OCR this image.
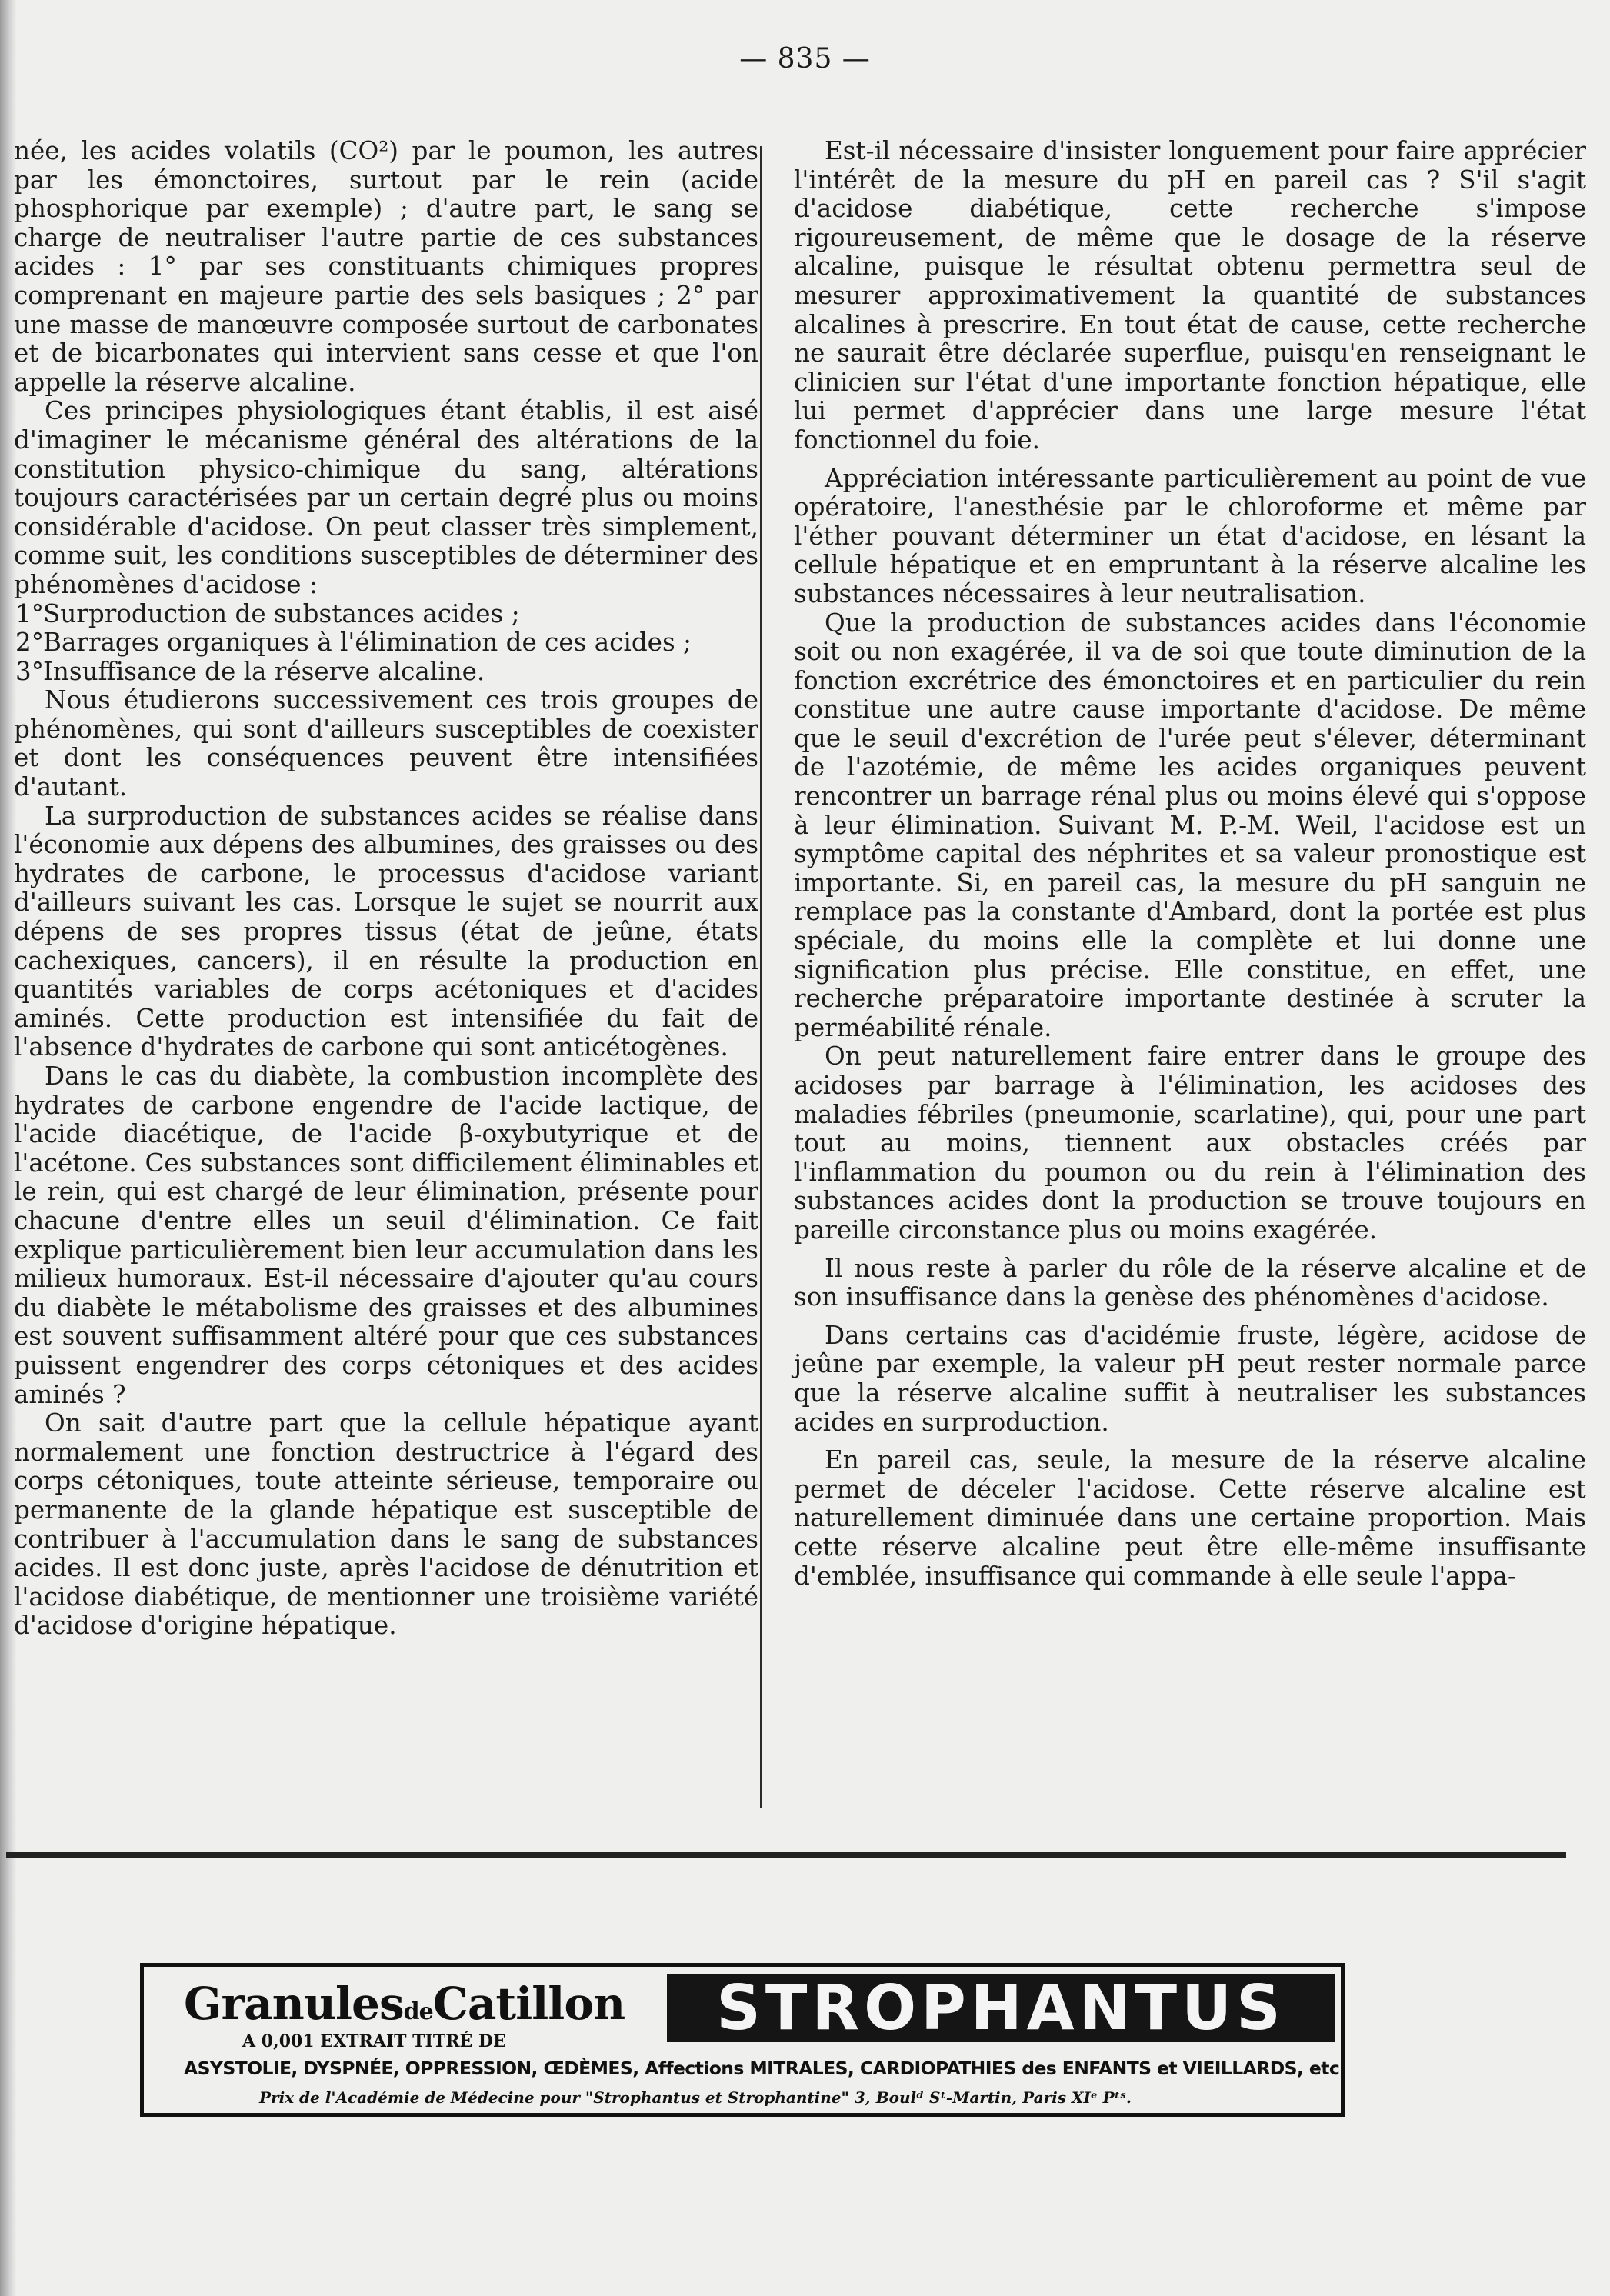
— 835 —

née, les acides volatils (CO²) par le poumon, les autres par les émonctoires, surtout par le rein (acide phosphorique par exemple) ; d'autre part, le sang se charge de neutraliser l'autre partie de ces substances acides : 1° par ses constituants chimiques propres comprenant en majeure partie des sels basiques ; 2° par une masse de manœuvre composée surtout de carbonates et de bicarbonates qui intervient sans cesse et que l'on appelle la réserve alcaline.

Ces principes physiologiques étant établis, il est aisé d'imaginer le mécanisme général des altérations de la constitution physico-chimique du sang, altérations toujours caractérisées par un certain degré plus ou moins considérable d'acidose. On peut classer très simplement, comme suit, les conditions susceptibles de déterminer des phénomènes d'acidose :

1°
Surproduction de substances acides ;
2°
Barrages organiques à l'élimination de ces acides ;
3°
Insuffisance de la réserve alcaline.

Nous étudierons successivement ces trois groupes de phénomènes, qui sont d'ailleurs susceptibles de coexister et dont les conséquences peuvent être intensifiées d'autant.

La surproduction de substances acides se réalise dans l'économie aux dépens des albumines, des graisses ou des hydrates de carbone, le processus d'acidose variant d'ailleurs suivant les cas. Lorsque le sujet se nourrit aux dépens de ses propres tissus (état de jeûne, états cachexiques, cancers), il en résulte la production en quantités variables de corps acétoniques et d'acides aminés. Cette production est intensifiée du fait de l'absence d'hydrates de carbone qui sont anticétogènes.

Dans le cas du diabète, la combustion incomplète des hydrates de carbone engendre de l'acide lactique, de l'acide diacétique, de l'acide β-oxybutyrique et de l'acétone. Ces substances sont difficilement éliminables et le rein, qui est chargé de leur élimination, présente pour chacune d'entre elles un seuil d'élimination. Ce fait explique particulièrement bien leur accumulation dans les milieux humoraux. Est-il nécessaire d'ajouter qu'au cours du diabète le métabolisme des graisses et des albumines est souvent suffisamment altéré pour que ces substances puissent engendrer des corps cétoniques et des acides aminés ?

On sait d'autre part que la cellule hépatique ayant normalement une fonction destructrice à l'égard des corps cétoniques, toute atteinte sérieuse, temporaire ou permanente de la glande hépatique est susceptible de contribuer à l'accumulation dans le sang de substances acides. Il est donc juste, après l'acidose de dénutrition et l'acidose diabétique, de mentionner une troisième variété d'acidose d'origine hépatique.

Est-il nécessaire d'insister longuement pour faire apprécier l'intérêt de la mesure du pH en pareil cas ? S'il s'agit d'acidose diabétique, cette recherche s'impose rigoureusement, de même que le dosage de la réserve alcaline, puisque le résultat obtenu permettra seul de mesurer approximativement la quantité de substances alcalines à prescrire. En tout état de cause, cette recherche ne saurait être déclarée superflue, puisqu'en renseignant le clinicien sur l'état d'une importante fonction hépatique, elle lui permet d'apprécier dans une large mesure l'état fonctionnel du foie.

Appréciation intéressante particulièrement au point de vue opératoire, l'anesthésie par le chloroforme et même par l'éther pouvant déterminer un état d'acidose, en lésant la cellule hépatique et en empruntant à la réserve alcaline les substances nécessaires à leur neutralisation.

Que la production de substances acides dans l'économie soit ou non exagérée, il va de soi que toute diminution de la fonction excrétrice des émonctoires et en particulier du rein constitue une autre cause importante d'acidose. De même que le seuil d'excrétion de l'urée peut s'élever, déterminant de l'azotémie, de même les acides organiques peuvent rencontrer un barrage rénal plus ou moins élevé qui s'oppose à leur élimination. Suivant M. P.-M. Weil, l'acidose est un symptôme capital des néphrites et sa valeur pronostique est importante. Si, en pareil cas, la mesure du pH sanguin ne remplace pas la constante d'Ambard, dont la portée est plus spéciale, du moins elle la complète et lui donne une signification plus précise. Elle constitue, en effet, une recherche préparatoire importante destinée à scruter la perméabilité rénale.

On peut naturellement faire entrer dans le groupe des acidoses par barrage à l'élimination, les acidoses des maladies fébriles (pneumonie, scarlatine), qui, pour une part tout au moins, tiennent aux obstacles créés par l'inflammation du poumon ou du rein à l'élimination des substances acides dont la production se trouve toujours en pareille circonstance plus ou moins exagérée.

Il nous reste à parler du rôle de la réserve alcaline et de son insuffisance dans la genèse des phénomènes d'acidose.

Dans certains cas d'acidémie fruste, légère, acidose de jeûne par exemple, la valeur pH peut rester normale parce que la réserve alcaline suffit à neutraliser les substances acides en surproduction.

En pareil cas, seule, la mesure de la réserve alcaline permet de déceler l'acidose. Cette réserve alcaline est naturellement diminuée dans une certaine proportion. Mais cette réserve alcaline peut être elle-même insuffisante d'emblée, insuffisance qui commande à elle seule l'appa-

GranulesdeCatillon	STROPHANTUS
A 0,001 EXTRAIT TITRÉ DE
ASYSTOLIE, DYSPNÉE, OPPRESSION, ŒDÈMES, Affections MITRALES, CARDIOPATHIES des ENFANTS et VIEILLARDS, etc.
Prix de l'Académie de Médecine pour "Strophantus et Strophantine" 3, Boulᵈ Sᵗ-Martin, Paris XIᵉ Pᵗˢ.
